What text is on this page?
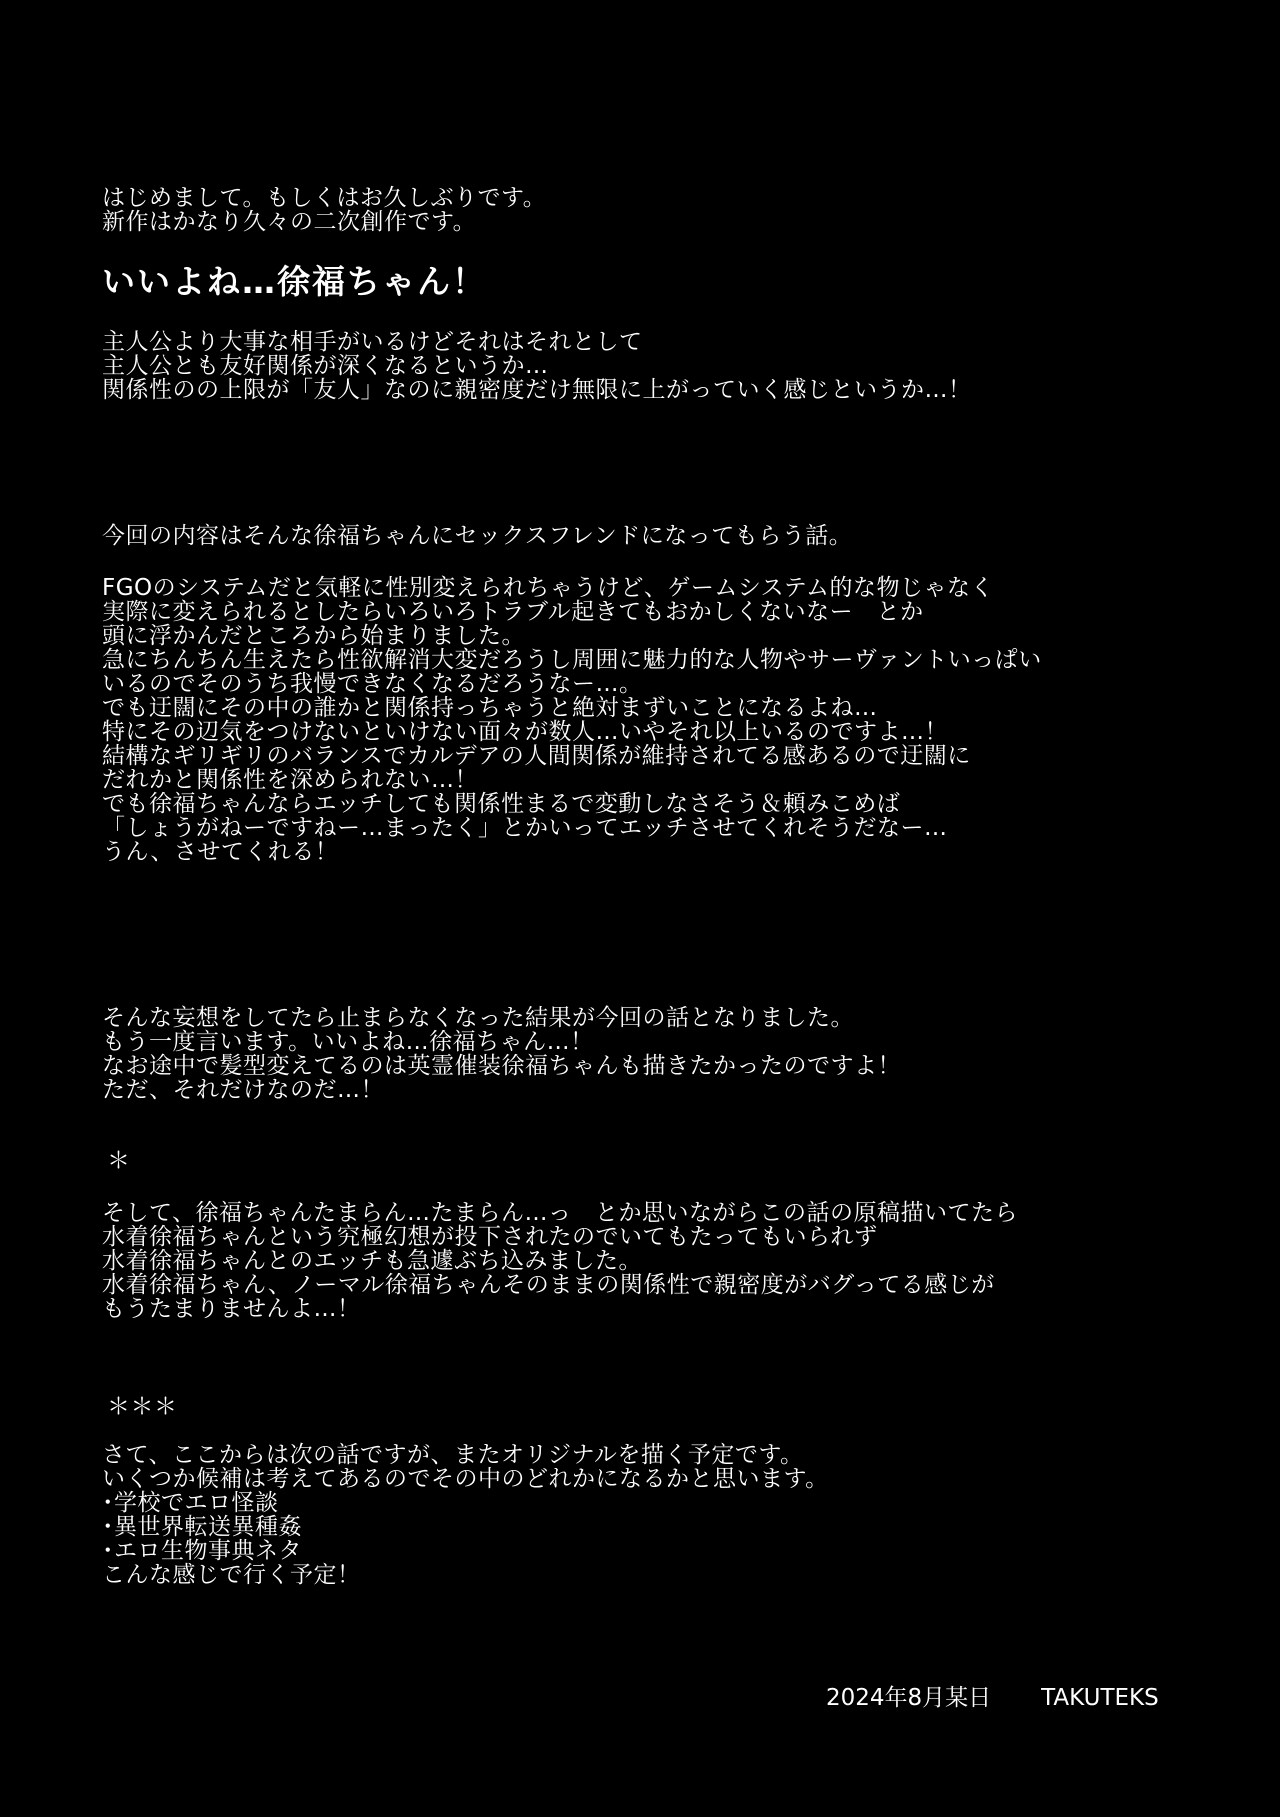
はじめまして。もしくはお久しぶりです。
新作はかなり久々の二次創作です。
いいよね…徐福ちゃん！
主人公より大事な相手がいるけどそれはそれとして
主人公とも友好関係が深くなるというか…
関係性のの上限が「友人」なのに親密度だけ無限に上がっていく感じというか…！
今回の内容はそんな徐福ちゃんにセックスフレンドになってもらう話。
FGOのシステムだと気軽に性別変えられちゃうけど、ゲームシステム的な物じゃなく
実際に変えられるとしたらいろいろトラブル起きてもおかしくないなー　とか
頭に浮かんだところから始まりました。
急にちんちん生えたら性欲解消大変だろうし周囲に魅力的な人物やサーヴァントいっぱい
いるのでそのうち我慢できなくなるだろうなー…。
でも迂闊にその中の誰かと関係持っちゃうと絶対まずいことになるよね…
特にその辺気をつけないといけない面々が数人…いやそれ以上いるのですよ…！
結構なギリギリのバランスでカルデアの人間関係が維持されてる感あるので迂闊に
だれかと関係性を深められない…！
でも徐福ちゃんならエッチしても関係性まるで変動しなさそう＆頼みこめば
「しょうがねーですねー…まったく」とかいってエッチさせてくれそうだなー…
うん、させてくれる！
そんな妄想をしてたら止まらなくなった結果が今回の話となりました。
もう一度言います。いいよね…徐福ちゃん…！
なお途中で髪型変えてるのは英霊催装徐福ちゃんも描きたかったのですよ！
ただ、それだけなのだ…！
＊
そして、徐福ちゃんたまらん…たまらん…っ　とか思いながらこの話の原稿描いてたら
水着徐福ちゃんという究極幻想が投下されたのでいてもたってもいられず
水着徐福ちゃんとのエッチも急遽ぶち込みました。
水着徐福ちゃん、ノーマル徐福ちゃんそのままの関係性で親密度がバグってる感じが
もうたまりませんよ…！
＊＊＊
さて、ここからは次の話ですが、またオリジナルを描く予定です。
いくつか候補は考えてあるのでその中のどれかになるかと思います。
･学校でエロ怪談
･異世界転送異種姦
･エロ生物事典ネタ
こんな感じで行く予定！
2024年8月某日 TAKUTEKS
